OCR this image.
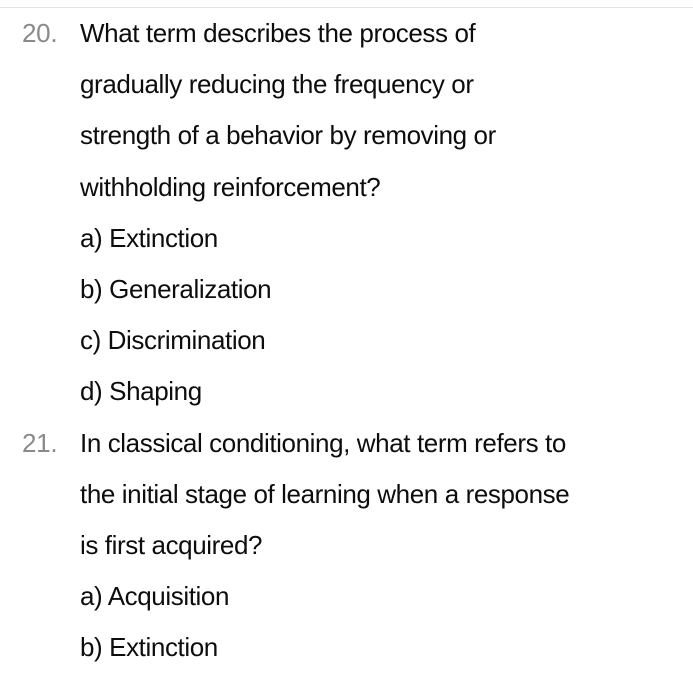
20. What term describes the process of
gradually reducing the frequency or
strength of a behavior by removing or
withholding reinforcement?
a) Extinction
b) Generalization
c) Discrimination
d) Shaping
21. In classical conditioning, what term refers to
the initial stage of learning when a response
is first acquired?
a) Acquisition
b) Extinction
